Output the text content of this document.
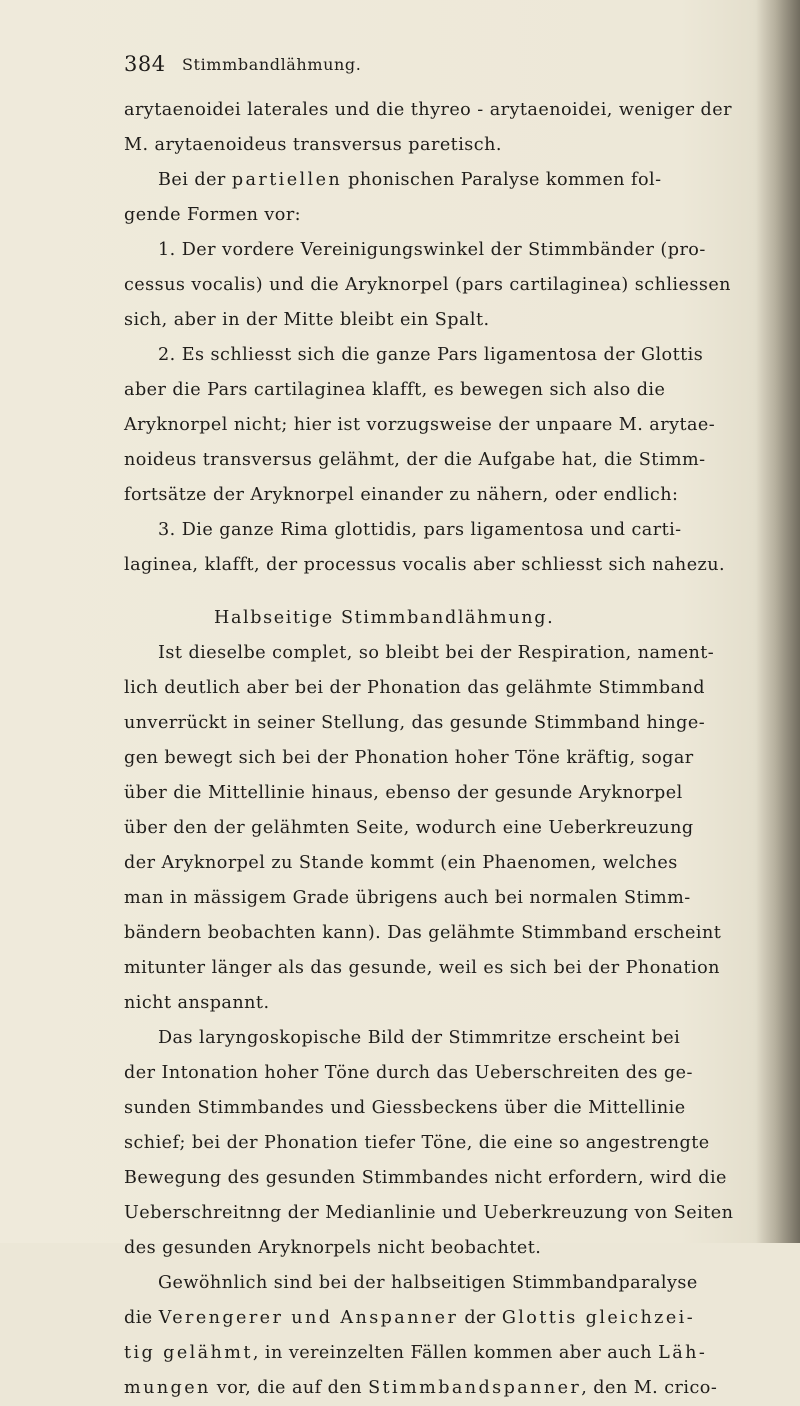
384 Stimmbandlähmung.
arytaenoidei laterales und die thyreo - arytaenoidei, weniger der
M. arytaenoideus transversus paretisch.
Bei der partiellen phonischen Paralyse kommen fol-
gende Formen vor:
1. Der vordere Vereinigungswinkel der Stimmbänder (pro-
cessus vocalis) und die Aryknorpel (pars cartilaginea) schliessen
sich, aber in der Mitte bleibt ein Spalt.
2. Es schliesst sich die ganze Pars ligamentosa der Glottis
aber die Pars cartilaginea klafft, es bewegen sich also die
Aryknorpel nicht; hier ist vorzugsweise der unpaare M. arytae-
noideus transversus gelähmt, der die Aufgabe hat, die Stimm-
fortsätze der Aryknorpel einander zu nähern, oder endlich:
3. Die ganze Rima glottidis, pars ligamentosa und carti-
laginea, klafft, der processus vocalis aber schliesst sich nahezu.
Halbseitige Stimmbandlähmung.
Ist dieselbe complet, so bleibt bei der Respiration, nament-
lich deutlich aber bei der Phonation das gelähmte Stimmband
unverrückt in seiner Stellung, das gesunde Stimmband hinge-
gen bewegt sich bei der Phonation hoher Töne kräftig, sogar
über die Mittellinie hinaus, ebenso der gesunde Aryknorpel
über den der gelähmten Seite, wodurch eine Ueberkreuzung
der Aryknorpel zu Stande kommt (ein Phaenomen, welches
man in mässigem Grade übrigens auch bei normalen Stimm-
bändern beobachten kann). Das gelähmte Stimmband erscheint
mitunter länger als das gesunde, weil es sich bei der Phonation
nicht anspannt.
Das laryngoskopische Bild der Stimmritze erscheint bei
der Intonation hoher Töne durch das Ueberschreiten des ge-
sunden Stimmbandes und Giessbeckens über die Mittellinie
schief; bei der Phonation tiefer Töne, die eine so angestrengte
Bewegung des gesunden Stimmbandes nicht erfordern, wird die
Ueberschreitnng der Medianlinie und Ueberkreuzung von Seiten
des gesunden Aryknorpels nicht beobachtet.
Gewöhnlich sind bei der halbseitigen Stimmbandparalyse
die Verengerer und Anspanner der Glottis gleichzei-
tig gelähmt, in vereinzelten Fällen kommen aber auch Läh-
mungen vor, die auf den Stimmbandspanner, den M. crico-
